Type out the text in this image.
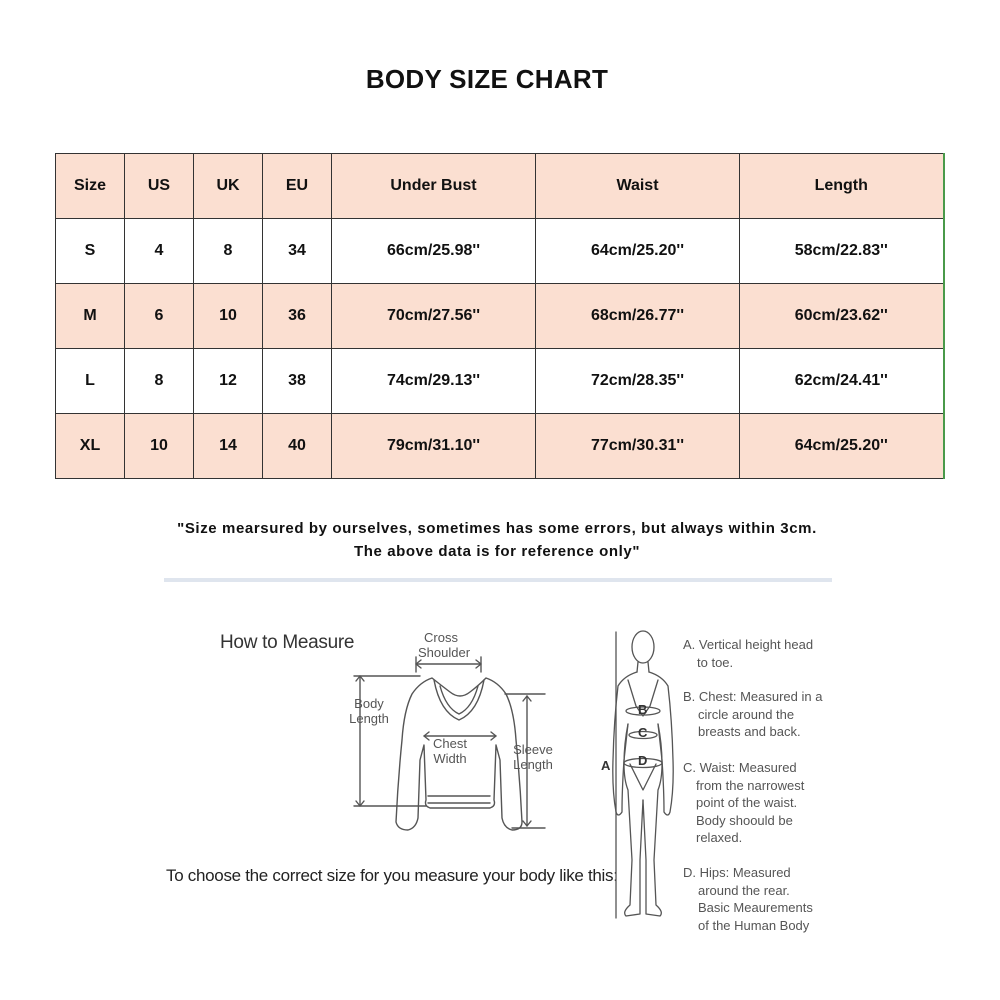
BODY SIZE CHART
Size	US	UK	EU	Under Bust	Waist	Length
S	4	8	34	66cm/25.98''	64cm/25.20''	58cm/22.83''
M	6	10	36	70cm/27.56''	68cm/26.77''	60cm/23.62''
L	8	12	38	74cm/29.13''	72cm/28.35''	62cm/24.41''
XL	10	14	40	79cm/31.10''	77cm/30.31''	64cm/25.20''
"Size mearsured by ourselves, sometimes has some errors, but always within 3cm.
The above data is for reference only"
How to Measure	Cross
Shoulder
Body
Length
Chest
Width
Sleeve
Length
To choose the correct size for you measure your body like this:
B
C
D
A
A. Vertical height head
to toe.
B. Chest: Measured in a
circle around the
breasts and back.
C. Waist: Measured
from the narrowest
point of the waist.
Body shoould be
relaxed.
D. Hips: Measured
around the rear.
Basic Meaurements
of the Human Body
